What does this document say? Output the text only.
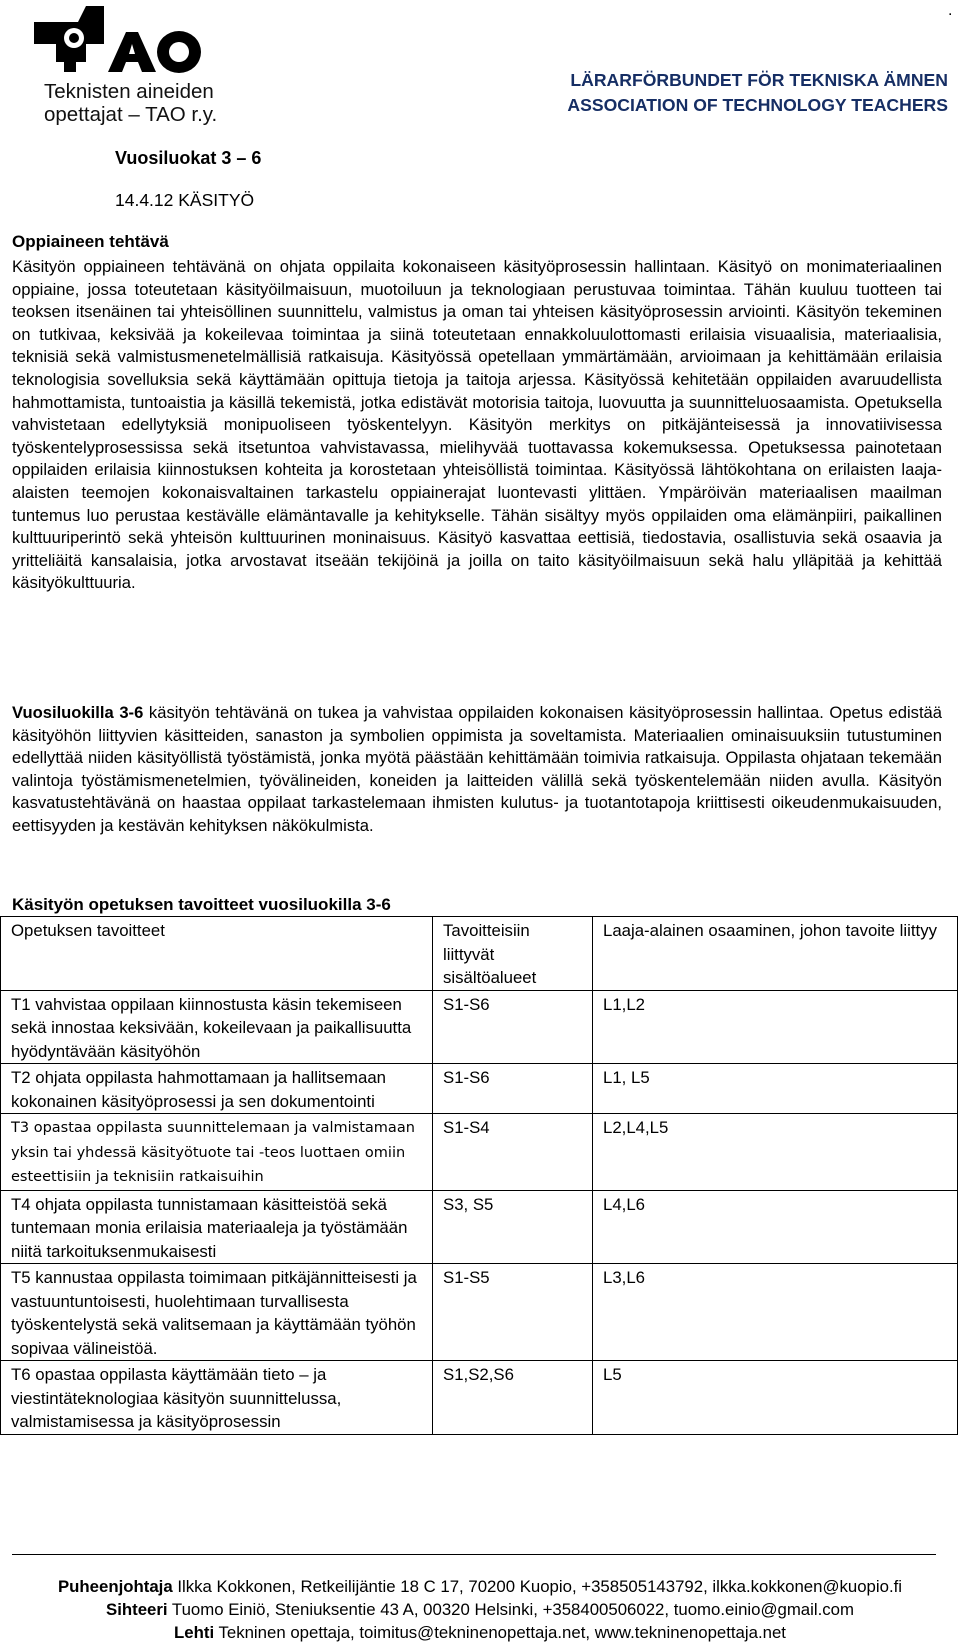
.
Teknisten aineiden
opettajat – TAO r.y.
LÄRARFÖRBUNDET FÖR TEKNISKA ÄMNEN
ASSOCIATION OF TECHNOLOGY TEACHERS
Vuosiluokat 3 – 6
14.4.12 KÄSITYÖ
Oppiaineen tehtävä

Käsityön oppiaineen tehtävänä on ohjata oppilaita kokonaiseen käsityöprosessin hallintaan. Käsityö on monimateriaalinen oppiaine, jossa toteutetaan käsityöilmaisuun, muotoiluun ja teknologiaan perustuvaa toimintaa. Tähän kuuluu tuotteen tai teoksen itsenäinen tai yhteisöllinen suunnittelu, valmistus ja oman tai yhteisen käsityöprosessin arviointi. Käsityön tekeminen on tutkivaa, keksivää ja kokeilevaa toimintaa ja siinä toteutetaan ennakkoluulottomasti erilaisia visuaalisia, materiaalisia, teknisiä sekä valmistusmenetelmällisiä ratkaisuja. Käsityössä opetellaan ymmärtämään, arvioimaan ja kehittämään erilaisia teknologisia sovelluksia sekä käyttämään opittuja tietoja ja taitoja arjessa. Käsityössä kehitetään oppilaiden avaruudellista hahmottamista, tuntoaistia ja käsillä tekemistä, jotka edistävät motorisia taitoja, luovuutta ja suunnitteluosaamista. Opetuksella vahvistetaan edellytyksiä monipuoliseen työskentelyyn. Käsityön merkitys on pitkäjänteisessä ja innovatiivisessa työskentelyprosessissa sekä itsetuntoa vahvistavassa, mielihyvää tuottavassa kokemuksessa. Opetuksessa painotetaan oppilaiden erilaisia kiinnostuksen kohteita ja korostetaan yhteisöllistä toimintaa. Käsityössä lähtökohtana on erilaisten laaja-alaisten teemojen kokonaisvaltainen tarkastelu oppiainerajat luontevasti ylittäen. Ympäröivän materiaalisen maailman tuntemus luo perustaa kestävälle elämäntavalle ja kehitykselle. Tähän sisältyy myös oppilaiden oma elämänpiiri, paikallinen kulttuuriperintö sekä yhteisön kulttuurinen moninaisuus. Käsityö kasvattaa eettisiä, tiedostavia, osallistuvia sekä osaavia ja yritteliäitä kansalaisia, jotka arvostavat itseään tekijöinä ja joilla on taito käsityöilmaisuun sekä halu ylläpitää ja kehittää käsityökulttuuria.

Vuosiluokilla 3-6 käsityön tehtävänä on tukea ja vahvistaa oppilaiden kokonaisen käsityöprosessin hallintaa. Opetus edistää käsityöhön liittyvien käsitteiden, sanaston ja symbolien oppimista ja soveltamista. Materiaalien ominaisuuksiin tutustuminen edellyttää niiden käsityöllistä työstämistä, jonka myötä päästään kehittämään toimivia ratkaisuja. Oppilasta ohjataan tekemään valintoja työstämismenetelmien, työvälineiden, koneiden ja laitteiden välillä sekä työskentelemään niiden avulla. Käsityön kasvatustehtävänä on haastaa oppilaat tarkastelemaan ihmisten kulutus- ja tuotantotapoja kriittisesti oikeudenmukaisuuden, eettisyyden ja kestävän kehityksen näkökulmista.

Käsityön opetuksen tavoitteet vuosiluokilla 3-6
Opetuksen tavoitteet	Tavoitteisiin liittyvät sisältöalueet	Laaja-alainen osaaminen, johon tavoite liittyy
T1 vahvistaa oppilaan kiinnostusta käsin tekemiseen sekä innostaa keksivään, kokeilevaan ja paikallisuutta hyödyntävään käsityöhön	S1-S6	L1,L2
T2 ohjata oppilasta hahmottamaan ja hallitsemaan kokonainen käsityöprosessi ja sen dokumentointi	S1-S6	L1, L5
T3 opastaa oppilasta suunnittelemaan ja valmistamaan yksin tai yhdessä käsityötuote tai -teos luottaen omiin esteettisiin ja teknisiin ratkaisuihin	S1-S4	L2,L4,L5
T4 ohjata oppilasta tunnistamaan käsitteistöä sekä tuntemaan monia erilaisia materiaaleja ja työstämään niitä tarkoituksenmukaisesti	S3, S5	L4,L6
T5 kannustaa oppilasta toimimaan pitkäjännitteisesti ja vastuuntuntoisesti, huolehtimaan turvallisesta työskentelystä sekä valitsemaan ja käyttämään työhön sopivaa välineistöä.	S1-S5	L3,L6
T6 opastaa oppilasta käyttämään tieto – ja viestintäteknologiaa käsityön suunnittelussa, valmistamisessa ja käsityöprosessin	S1,S2,S6	L5
Puheenjohtaja Ilkka Kokkonen, Retkeilijäntie 18 C 17, 70200 Kuopio, +358505143792, ilkka.kokkonen@kuopio.fi
Sihteeri Tuomo Einiö, Steniuksentie 43 A, 00320 Helsinki, +358400506022, tuomo.einio@gmail.com
Lehti Tekninen opettaja, toimitus@tekninenopettaja.net, www.tekninenopettaja.net
